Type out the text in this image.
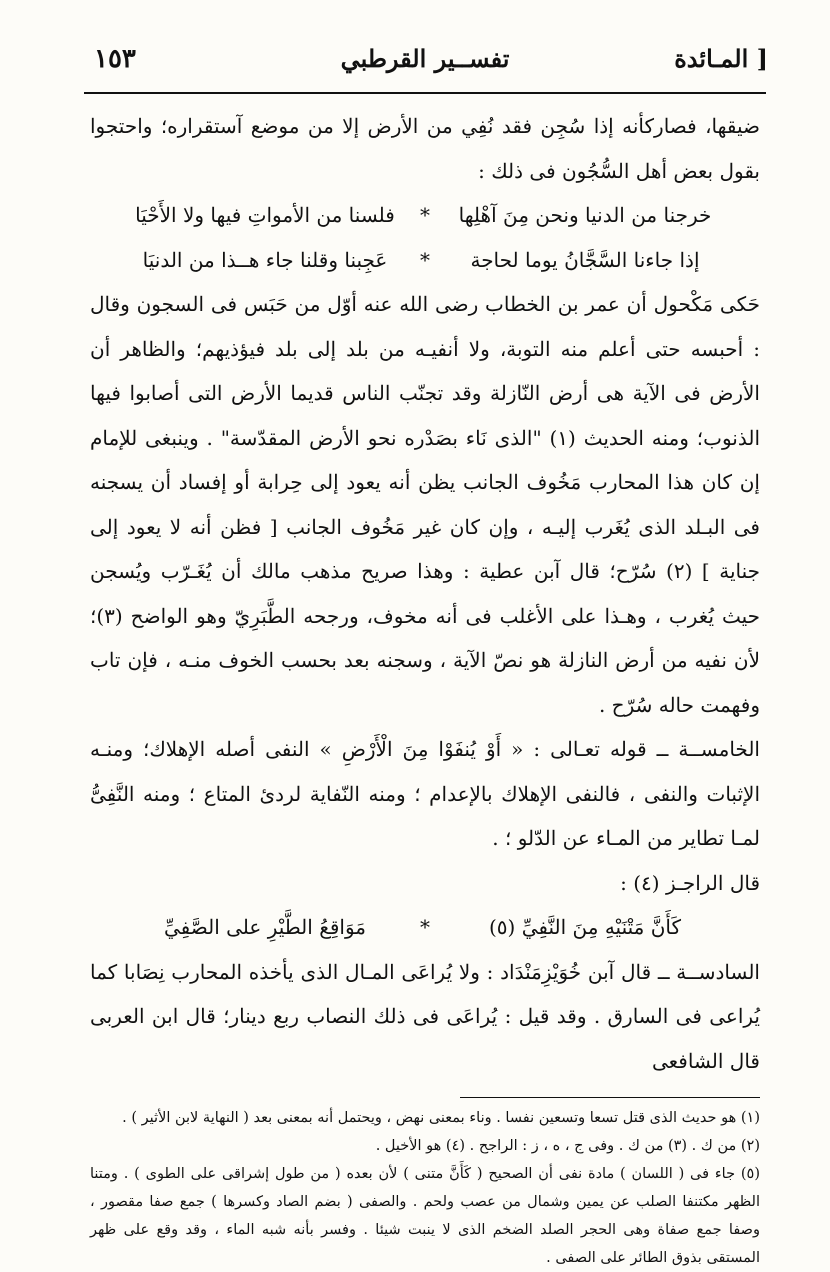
١٥٣	تفســير القرطبي	المـائدة ]

ضيقها، فصاركأنه إذا سُجِن فقد نُفِي من الأرض إلا من موضع آستقراره؛ واحتجوا بقول بعض أهل السُّجُون فى ذلك :

خرجنا من الدنيا ونحن مِنَ آهْلِها
*
فلسنا من الأمواتِ فيها ولا الأَحْيَا
إذا جاءنا السَّجَّانُ يوما لحاجة
*
عَجِبنا وقلنا جاء هــذا من الدنيَا

حَكى مَكْحول أن عمر بن الخطاب رضى الله عنه أوّل من حَبَس فى السجون وقال : أحبسه حتى أعلم منه التوبة، ولا أنفيـه من بلد إلى بلد فيؤذيهم؛ والظاهر أن الأرض فى الآية هى أرض النّازلة وقد تجنّب الناس قديما الأرض التى أصابوا فيها الذنوب؛ ومنه الحديث (١) "الذى نَاء بصَدْره نحو الأرض المقدّسة" . وينبغى للإمام إن كان هذا المحارب مَخُوف الجانب يظن أنه يعود إلى حِرابة أو إفساد أن يسجنه فى البـلد الذى يُغَرب إليـه ، وإن كان غير مَخُوف الجانب [ فظن أنه لا يعود إلى جناية ] (٢) سُرّح؛ قال آبن عطية : وهذا صريح مذهب مالك أن يُغَـرّب ويُسجن حيث يُغرب ، وهـذا على الأغلب فى أنه مخوف، ورجحه الطَّبَرِيّ وهو الواضح (٣)؛ لأن نفيه من أرض النازلة هو نصّ الآية ، وسجنه بعد بحسب الخوف منـه ، فإن تاب وفهمت حاله سُرّح .

الخامســة ــ قوله تعـالى : « أَوْ يُنفَوْا مِنَ الْأَرْضِ » النفى أصله الإهلاك؛ ومنـه الإثبات والنفى ، فالنفى الإهلاك بالإعدام ؛ ومنه النّفاية لردئ المتاع ؛ ومنه النَّفِىُّ لمـا تطاير من المـاء عن الدّلو ؛ .

قال الراجـز (٤) :

كَأَنَّ مَتْنَيْهِ مِنَ النَّفِيِّ (٥)
*
مَوَاقِعُ الطَّيْرِ على الصَّفِيِّ

السادســة ــ قال آبن خُوَيْزِمَنْدَاد : ولا يُراعَى المـال الذى يأخذه المحارب نِصَابا كما يُراعى فى السارق . وقد قيل : يُراعَى فى ذلك النصاب ربع دينار؛ قال ابن العربى قال الشافعى

(١) هو حديث الذى قتل تسعا وتسعين نفسا . وناء بمعنى نهض ، ويحتمل أنه بمعنى بعد ( النهاية لابن الأثير ) .

(٢) من ك . (٣) من ك . وفى ج ، ه ، ز : الراجح . (٤) هو الأخيل .

(٥) جاء فى ( اللسان ) مادة نفى أن الصحيح ( كَأَنَّ متنى ) لأن بعده ( من طول إشراقى على الطوى ) . ومتنا الظهر مكتنفا الصلب عن يمين وشمال من عصب ولحم . والصفى ( بضم الصاد وكسرها ) جمع صفا مقصور ، وصفا جمع صفاة وهى الحجر الصلد الضخم الذى لا ينبت شيئا . وفسر بأنه شبه الماء ، وقد وقع على ظهر المستقى بذوق الطائر على الصفى .
